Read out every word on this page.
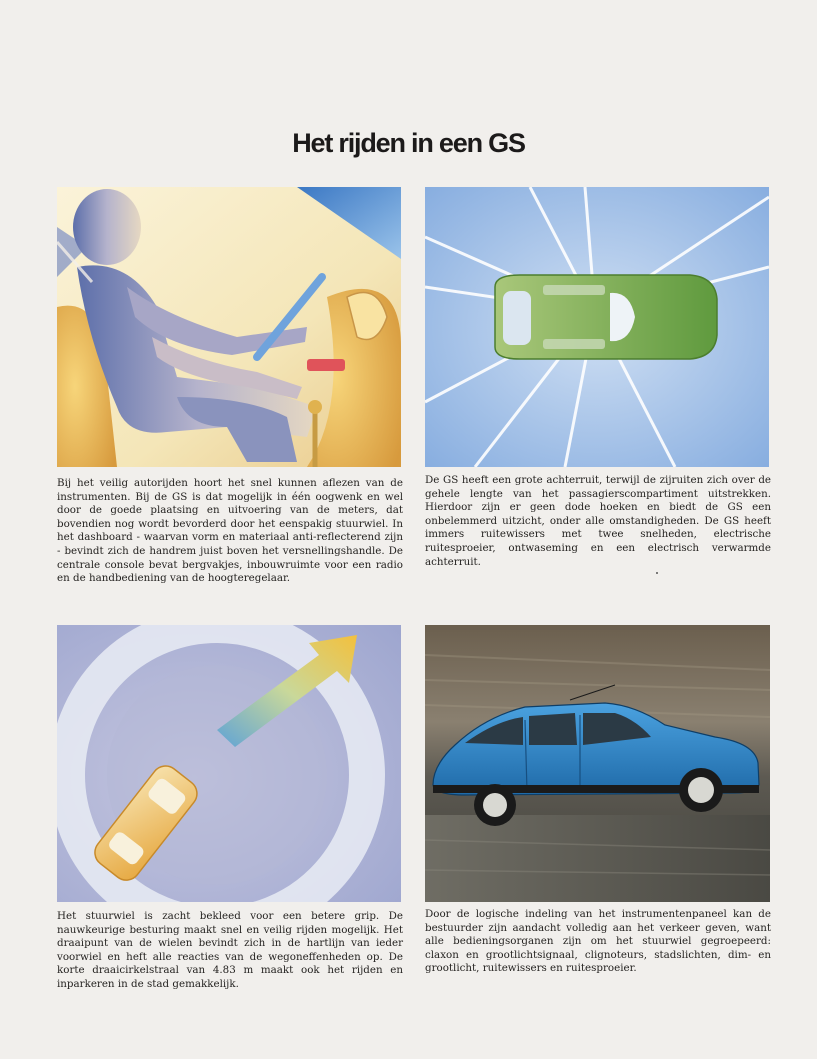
Het rijden in een GS
Bij het veilig autorijden hoort het snel kunnen aflezen van de instrumenten. Bij de GS is dat mogelijk in één oogwenk en wel door de goede plaatsing en uitvoering van de meters, dat bovendien nog wordt bevorderd door het eenspakig stuurwiel. In het dashboard - waarvan vorm en materiaal anti-reflecterend zijn - bevindt zich de handrem juist boven het versnellingshandle. De centrale console bevat bergvakjes, inbouwruimte voor een radio en de handbediening van de hoogteregelaar.
De GS heeft een grote achterruit, terwijl de zijruiten zich over de gehele lengte van het passagierscompartiment uitstrekken. Hierdoor zijn er geen dode hoeken en biedt de GS een onbelemmerd uitzicht, onder alle omstandigheden. De GS heeft immers ruitewissers met twee snelheden, electrische ruitesproeier, ontwaseming en een electrisch verwarmde achterruit.
Het stuurwiel is zacht bekleed voor een betere grip. De nauwkeurige besturing maakt snel en veilig rijden mogelijk. Het draaipunt van de wielen bevindt zich in de hartlijn van ieder voorwiel en heft alle reacties van de wegoneffenheden op. De korte draaicirkelstraal van 4.83 m maakt ook het rijden en inparkeren in de stad gemakkelijk.
Door de logische indeling van het instrumentenpaneel kan de bestuurder zijn aandacht volledig aan het verkeer geven, want alle bedieningsorganen zijn om het stuurwiel gegroepeerd: claxon en grootlichtsignaal, clignoteurs, stadslichten, dim- en grootlicht, ruitewissers en ruitesproeier.
